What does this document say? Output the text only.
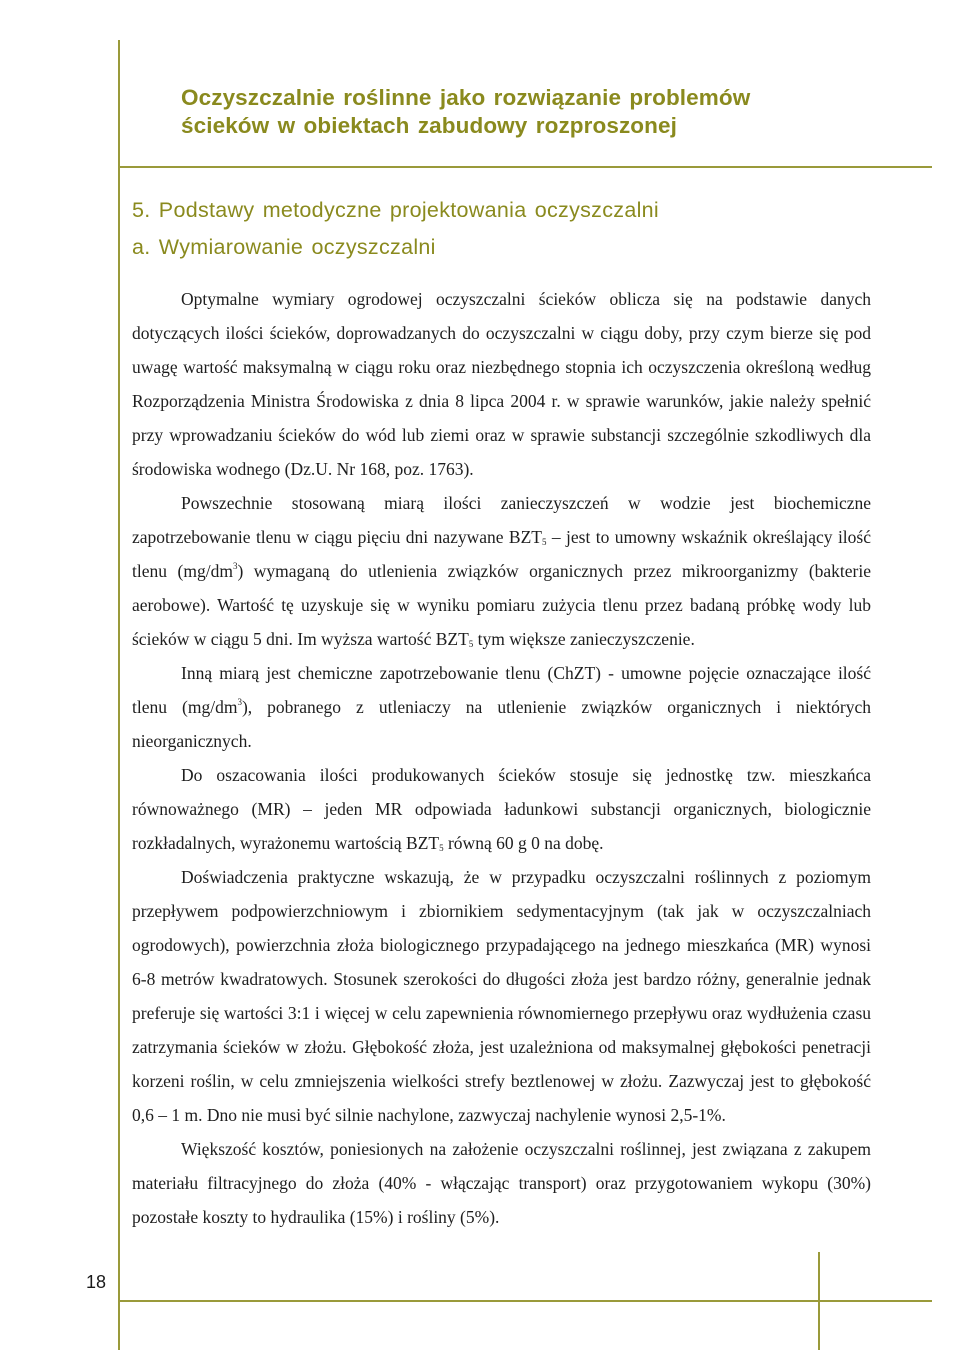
Oczyszczalnie roślinne jako rozwiązanie problemów
ścieków w obiektach zabudowy rozproszonej
5. Podstawy metodyczne projektowania oczyszczalni
a. Wymiarowanie oczyszczalni

Optymalne wymiary ogrodowej oczyszczalni ścieków oblicza się na podstawie danych dotyczących ilości ścieków, doprowadzanych do oczyszczalni w ciągu doby, przy czym bierze się pod uwagę wartość maksymalną w ciągu roku oraz niezbędnego stopnia ich oczyszczenia określoną według Rozporządzenia Ministra Środowiska z dnia 8 lipca 2004 r. w sprawie warunków, jakie należy spełnić przy wprowadzaniu ścieków do wód lub ziemi oraz w sprawie substancji szczególnie szkodliwych dla środowiska wodnego (Dz.U. Nr 168, poz. 1763).

Powszechnie stosowaną miarą ilości zanieczyszczeń w wodzie jest biochemiczne zapotrzebowanie tlenu w ciągu pięciu dni nazywane $BZT_5$ – jest to umowny wskaźnik określający ilość tlenu $(mg/dm^3)$ wymaganą do utlenienia związków organicznych przez mikroorganizmy (bakterie aerobowe). Wartość tę uzyskuje się w wyniku pomiaru zużycia tlenu przez badaną próbkę wody lub ścieków w ciągu 5 dni. Im wyższa wartość $BZT_5$ tym większe zanieczyszczenie.

Inną miarą jest chemiczne zapotrzebowanie tlenu (ChZT) - umowne pojęcie oznaczające ilość tlenu $(mg/dm^3)$, pobranego z utleniaczy na utlenienie związków organicznych i niektórych nieorganicznych.

Do oszacowania ilości produkowanych ścieków stosuje się jednostkę tzw. mieszkańca równoważnego (MR) – jeden MR odpowiada ładunkowi substancji organicznych, biologicznie rozkładalnych, wyrażonemu wartością $BZT_5$ równą 60 g 0 na dobę.

Doświadczenia praktyczne wskazują, że w przypadku oczyszczalni roślinnych z poziomym przepływem podpowierzchniowym i zbiornikiem sedymentacyjnym (tak jak w oczyszczalniach ogrodowych), powierzchnia złoża biologicznego przypadającego na jednego mieszkańca (MR) wynosi 6-8 metrów kwadratowych. Stosunek szerokości do długości złoża jest bardzo różny, generalnie jednak preferuje się wartości 3:1 i więcej w celu zapewnienia równomiernego przepływu oraz wydłużenia czasu zatrzymania ścieków w złożu. Głębokość złoża, jest uzależniona od maksymalnej głębokości penetracji korzeni roślin, w celu zmniejszenia wielkości strefy beztlenowej w złożu. Zazwyczaj jest to głębokość 0,6 – 1 m. Dno nie musi być silnie nachylone, zazwyczaj nachylenie wynosi 2,5-1%.

Większość kosztów, poniesionych na założenie oczyszczalni roślinnej, jest związana z zakupem materiału filtracyjnego do złoża (40% - włączając transport) oraz przygotowaniem wykopu (30%) pozostałe koszty to hydraulika (15%) i rośliny (5%).

18
